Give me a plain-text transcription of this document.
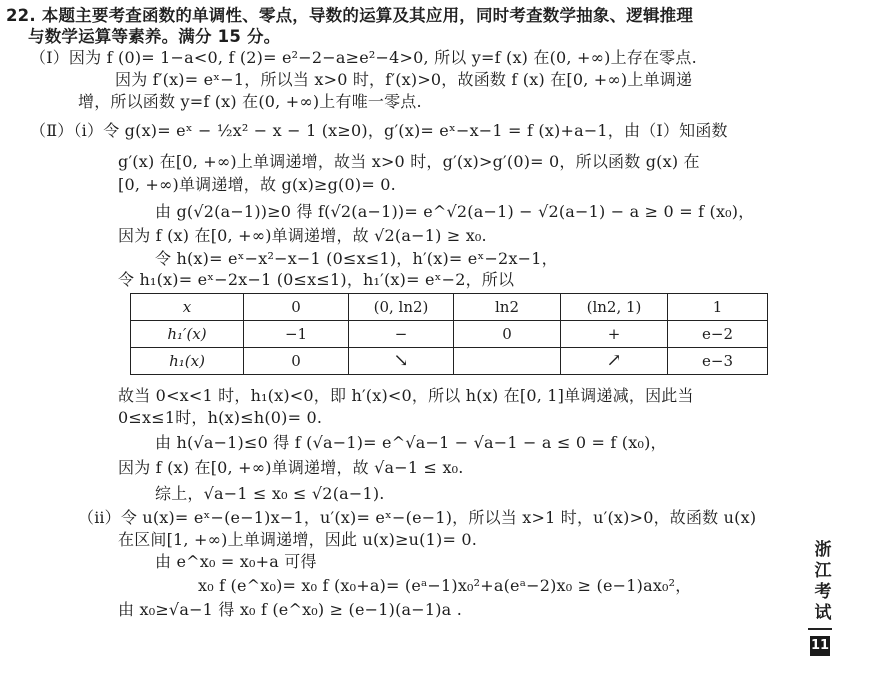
22. 本题主要考查函数的单调性、零点，导数的运算及其应用，同时考查数学抽象、逻辑推理
与数学运算等素养。满分 15 分。
（Ⅰ）因为 f (0)= 1−a<0, f (2)= e²−2−a≥e²−4>0, 所以 y=f (x) 在(0, +∞)上存在零点.
因为 f′(x)= eˣ−1，所以当 x>0 时，f′(x)>0，故函数 f (x) 在[0, +∞)上单调递
增，所以函数 y=f (x) 在(0, +∞)上有唯一零点.
（Ⅱ）（ⅰ）令 g(x)= eˣ − ½x² − x − 1 (x≥0)，g′(x)= eˣ−x−1 = f (x)+a−1，由（Ⅰ）知函数
g′(x) 在[0, +∞)上单调递增，故当 x>0 时，g′(x)>g′(0)= 0，所以函数 g(x) 在
[0, +∞)单调递增，故 g(x)≥g(0)= 0.
由 g(√2(a−1))≥0 得 f(√2(a−1))= e^√2(a−1) − √2(a−1) − a ≥ 0 = f (x₀)，
因为 f (x) 在[0, +∞)单调递增，故 √2(a−1) ≥ x₀.
令 h(x)= eˣ−x²−x−1 (0≤x≤1)，h′(x)= eˣ−2x−1，
令 h₁(x)= eˣ−2x−1 (0≤x≤1)，h₁′(x)= eˣ−2，所以
x	0	(0, ln2)	ln2	(ln2, 1)	1
h₁′(x)	−1	−	0	+	e−2
h₁(x)	0	↘		↗	e−3
故当 0<x<1 时，h₁(x)<0，即 h′(x)<0，所以 h(x) 在[0, 1]单调递减，因此当
0≤x≤1时，h(x)≤h(0)= 0.
由 h(√a−1)≤0 得 f (√a−1)= e^√a−1 − √a−1 − a ≤ 0 = f (x₀)，
因为 f (x) 在[0, +∞)单调递增，故 √a−1 ≤ x₀.
综上，√a−1 ≤ x₀ ≤ √2(a−1).
（ⅱ）令 u(x)= eˣ−(e−1)x−1，u′(x)= eˣ−(e−1)，所以当 x>1 时，u′(x)>0，故函数 u(x)
在区间[1, +∞)上单调递增，因此 u(x)≥u(1)= 0.
由 e^x₀ = x₀+a 可得
x₀ f (e^x₀)= x₀ f (x₀+a)= (eᵃ−1)x₀²+a(eᵃ−2)x₀ ≥ (e−1)ax₀²，
由 x₀≥√a−1 得 x₀ f (e^x₀) ≥ (e−1)(a−1)a .
浙江考试
11
